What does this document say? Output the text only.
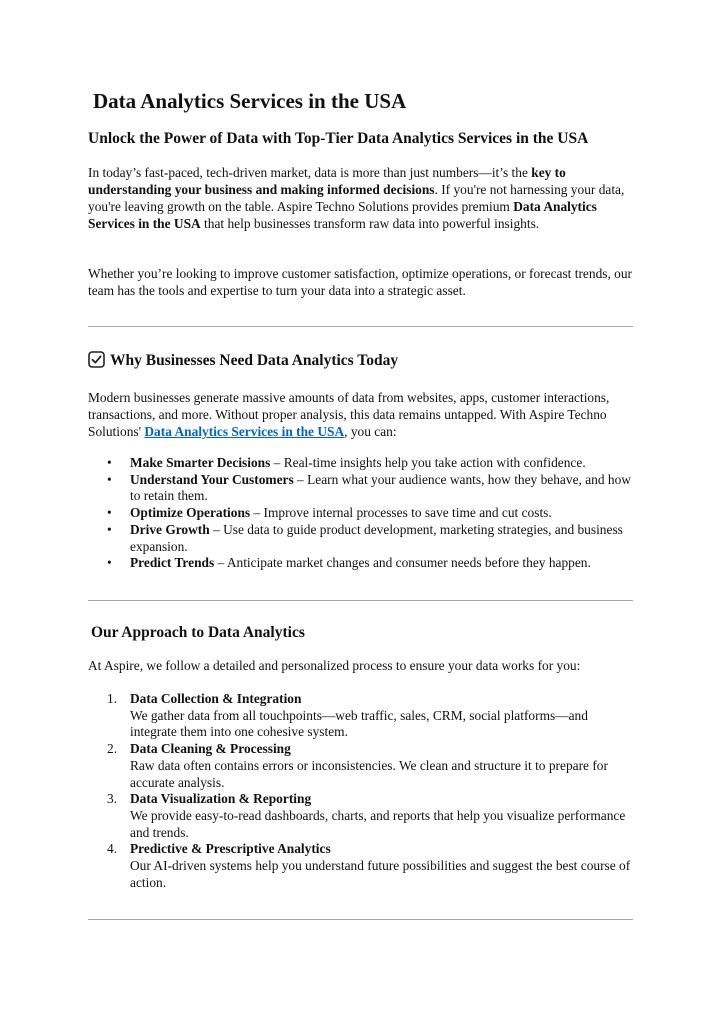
Data Analytics Services in the USA
Unlock the Power of Data with Top-Tier Data Analytics Services in the USA

In today’s fast-paced, tech-driven market, data is more than just numbers—it’s the key to understanding your business and making informed decisions. If you're not harnessing your data, you're leaving growth on the table. Aspire Techno Solutions provides premium Data Analytics Services in the USA that help businesses transform raw data into powerful insights.

Whether you’re looking to improve customer satisfaction, optimize operations, or forecast trends, our team has the tools and expertise to turn your data into a strategic asset.

Why Businesses Need Data Analytics Today

Modern businesses generate massive amounts of data from websites, apps, customer interactions, transactions, and more. Without proper analysis, this data remains untapped. With Aspire Techno Solutions' Data Analytics Services in the USA, you can:

• Make Smarter Decisions – Real-time insights help you take action with confidence.
• Understand Your Customers – Learn what your audience wants, how they behave, and how to retain them.
• Optimize Operations – Improve internal processes to save time and cut costs.
• Drive Growth – Use data to guide product development, marketing strategies, and business expansion.
• Predict Trends – Anticipate market changes and consumer needs before they happen.
Our Approach to Data Analytics

At Aspire, we follow a detailed and personalized process to ensure your data works for you:

1. Data Collection & Integration
We gather data from all touchpoints—web traffic, sales, CRM, social platforms—and integrate them into one cohesive system.
2. Data Cleaning & Processing
Raw data often contains errors or inconsistencies. We clean and structure it to prepare for accurate analysis.
3. Data Visualization & Reporting
We provide easy-to-read dashboards, charts, and reports that help you visualize performance and trends.
4. Predictive & Prescriptive Analytics
Our AI-driven systems help you understand future possibilities and suggest the best course of action.
